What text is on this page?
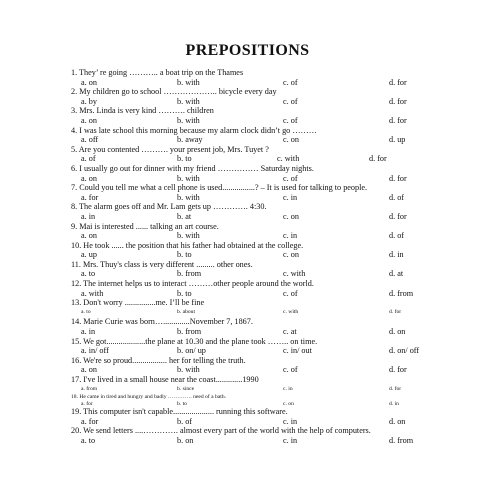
PREPOSITIONS
1. They’ re going ……….. a boat trip on the Thames
a. on	b. with	c. of	d. for
2. My children go to school ……………….. bicycle every day
a. by	b. with	c. of	d. for
3. Mrs. Linda is very kind ………. children
a. on	b. with	c. of	d. for
4. I was late school this morning because my alarm clock didn’t go ………
a. off	b. away	c. on	d. up
5. Are you contented ………. your present job, Mrs. Tuyet ?
a. of	b. to	c. with	d. for
6. I usually go out for dinner with my friend …………… Saturday nights.
a. on	b. with	c. of	d. for
7. Could you tell me what a cell phone is used................? – It is used for talking to people.
a. for	b. with	c. in	d. of
8. The alarm goes off and Mr. Lam gets up …………. 4:30.
a. in	b. at	c. on	d. for
9. Mai is interested ...... talking an art course.
a. on	b. with	c. in	d. of
10. He took ...... the position that his father had obtained at the college.
a. up	b. to	c. on	d. in
11. Mrs. Thuy's class is very different ......... other ones.
a. to	b. from	c. with	d. at
12. The internet helps us to interact ………other people around the world.
a. with	b. to	c. of	d. from
13. Don't worry ...............me. I’ll be fine
a. to	b. about	c. with	d. for
14. Marie Curie was born….............November 7, 1867.
a. in	b. from	c. at	d. on
15. We got...................the plane at 10.30 and the plane took …….. on time.
a. in/ off	b. on/ up	c. in/ out	d. on/ off
16. We're so proud................. her for telling the truth.
a. on	b. with	c. of	d. for
17. I've lived in a small house near the coast.............1990
a. from	b. since	c. in	d. for
18. He came in tired and hungry and badly …………. need of a bath.
a. for	b. to	c. on	d. in
19. This computer isn't capable.................... running this software.
a. for	b. of	c. in	d. on
20. We send letters ....…………. almost every part of the world with the help of computers.
a. to	b. on	c. in	d. from
